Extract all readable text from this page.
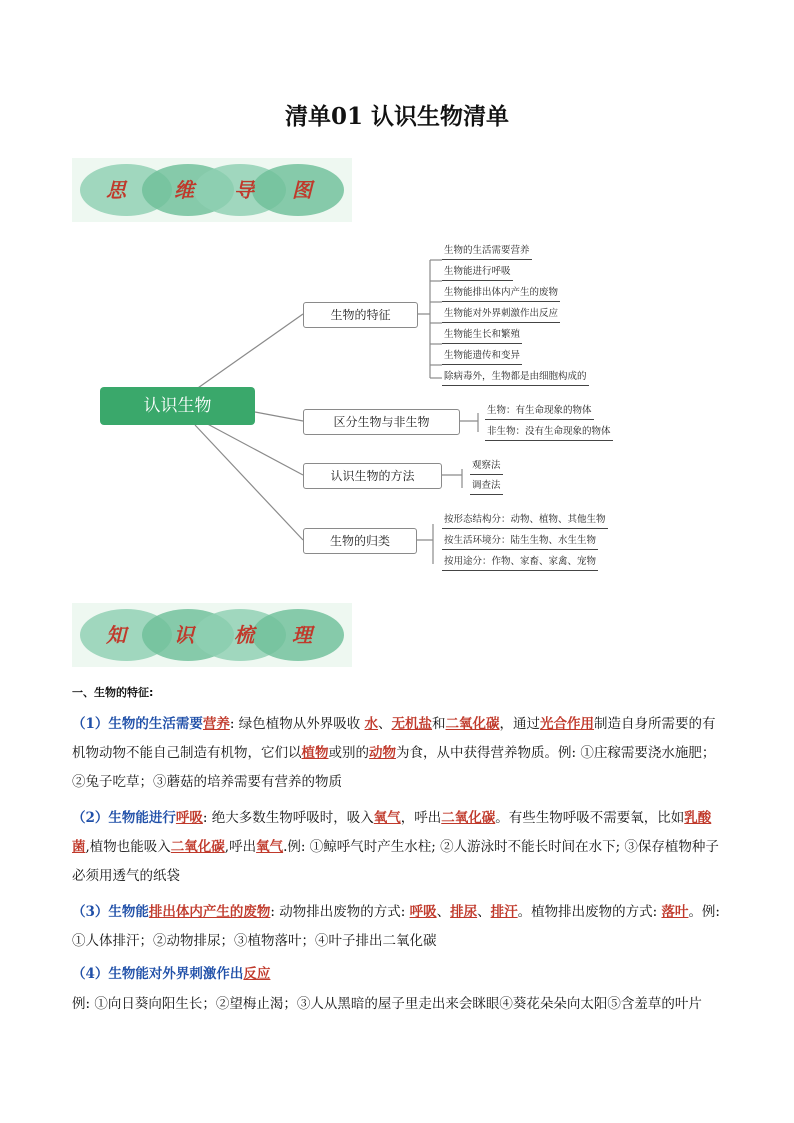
清单01 认识生物清单
思	维	导	图
认识生物
生物的特征
区分生物与非生物
认识生物的方法
生物的归类
生物的生活需要营养
生物能进行呼吸
生物能排出体内产生的废物
生物能对外界刺激作出反应
生物能生长和繁殖
生物能遗传和变异
除病毒外，生物都是由细胞构成的
生物：有生命现象的物体
非生物：没有生命现象的物体
观察法
调查法
按形态结构分：动物、植物、其他生物
按生活环境分：陆生生物、水生生物
按用途分：作物、家畜、家禽、宠物
知	识	梳	理
一、生物的特征:
（1）生物的生活需要营养: 绿色植物从外界吸收 水、无机盐和二氧化碳，通过光合作用制造自身所需要的有机物动物不能自己制造有机物，它们以植物或别的动物为食，从中获得营养物质。例: ①庄稼需要浇水施肥；②兔子吃草；③蘑菇的培养需要有营养的物质
（2）生物能进行呼吸: 绝大多数生物呼吸时，吸入氧气，呼出二氧化碳。有些生物呼吸不需要氧，比如乳酸菌,植物也能吸入二氧化碳,呼出氧气.例: ①鲸呼气时产生水柱; ②人游泳时不能长时间在水下; ③保存植物种子必须用透气的纸袋
（3）生物能排出体内产生的废物: 动物排出废物的方式: 呼吸、排尿、排汗。植物排出废物的方式: 落叶。例: ①人体排汗；②动物排尿；③植物落叶；④叶子排出二氧化碳
（4）生物能对外界刺激作出反应
例: ①向日葵向阳生长；②望梅止渴；③人从黑暗的屋子里走出来会眯眼④葵花朵朵向太阳⑤含羞草的叶片
